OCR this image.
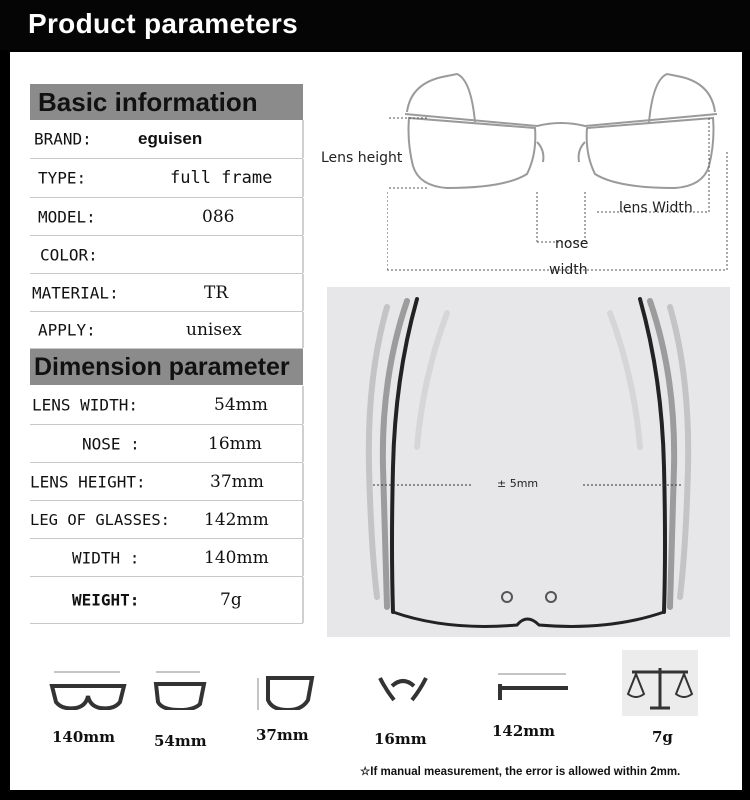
Product parameters
Basic information
BRAND:	eguisen
TYPE:	full frame
MODEL:	086
COLOR:
MATERIAL:	TR
APPLY:	unisex
Dimension parameter
LENS WIDTH:	54mm
NOSE :	16mm
LENS HEIGHT:	37mm
LEG OF GLASSES: 142mm
WIDTH :	140mm
WEIGHT:	7g
Lens height
lens Width
nose
width
± 5mm
140mm	54mm	37mm	16mm	142mm	7g
☆If manual measurement, the error is allowed within 2mm.
